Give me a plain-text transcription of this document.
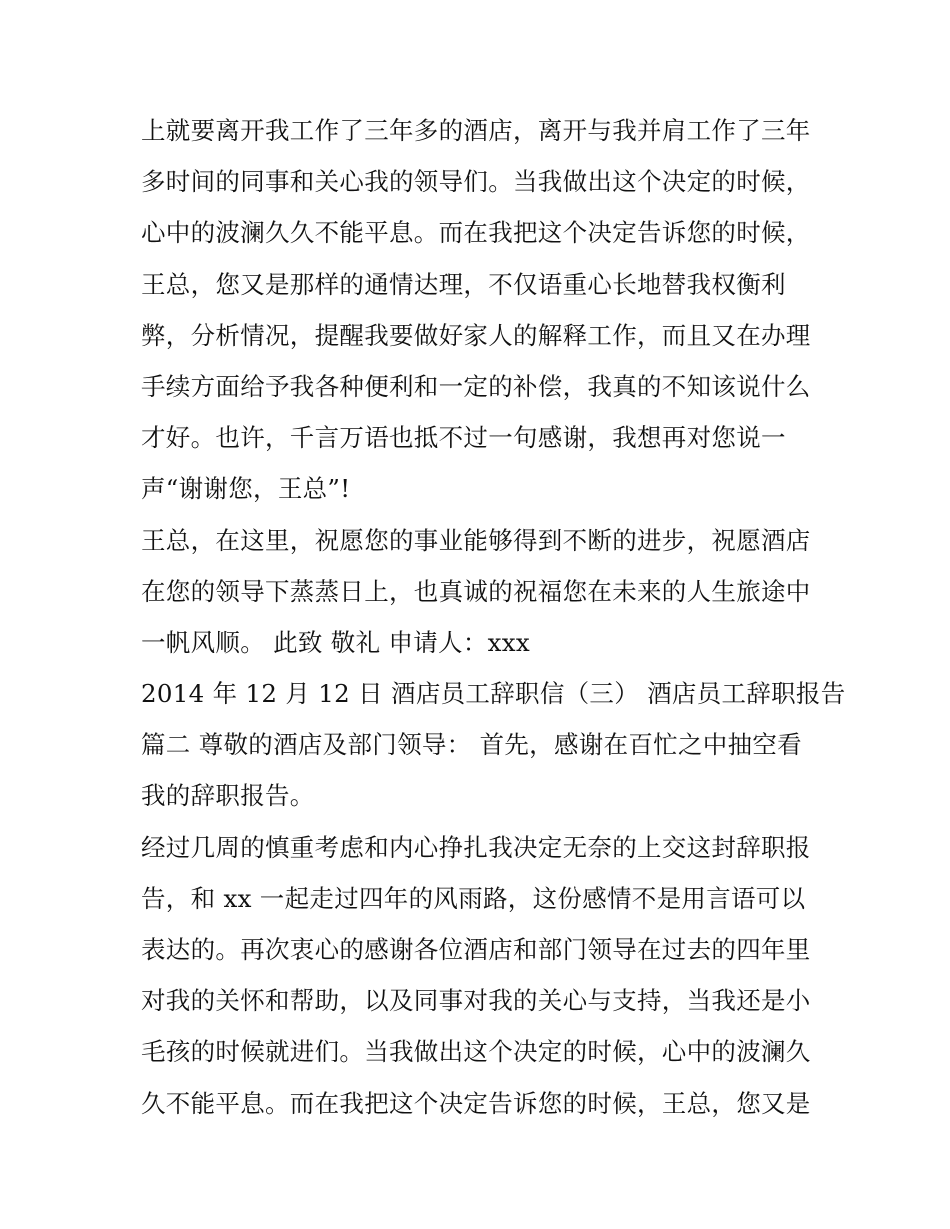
上就要离开我工作了三年多的酒店，离开与我并肩工作了三年
多时间的同事和关心我的领导们。当我做出这个决定的时候，
心中的波澜久久不能平息。而在我把这个决定告诉您的时候，
王总，您又是那样的通情达理，不仅语重心长地替我权衡利
弊，分析情况，提醒我要做好家人的解释工作，而且又在办理
手续方面给予我各种便利和一定的补偿，我真的不知该说什么
才好。也许，千言万语也抵不过一句感谢，我想再对您说一
声“谢谢您，王总”!
王总，在这里，祝愿您的事业能够得到不断的进步，祝愿酒店
在您的领导下蒸蒸日上，也真诚的祝福您在未来的人生旅途中
一帆风顺。 此致 敬礼 申请人：xxx
2014 年 12 月 12 日 酒店员工辞职信（三） 酒店员工辞职报告
篇二 尊敬的酒店及部门领导： 首先，感谢在百忙之中抽空看
我的辞职报告。
经过几周的慎重考虑和内心挣扎我决定无奈的上交这封辞职报
告，和 xx 一起走过四年的风雨路，这份感情不是用言语可以
表达的。再次衷心的感谢各位酒店和部门领导在过去的四年里
对我的关怀和帮助，以及同事对我的关心与支持，当我还是小
毛孩的时候就进们。当我做出这个决定的时候，心中的波澜久
久不能平息。而在我把这个决定告诉您的时候，王总，您又是
